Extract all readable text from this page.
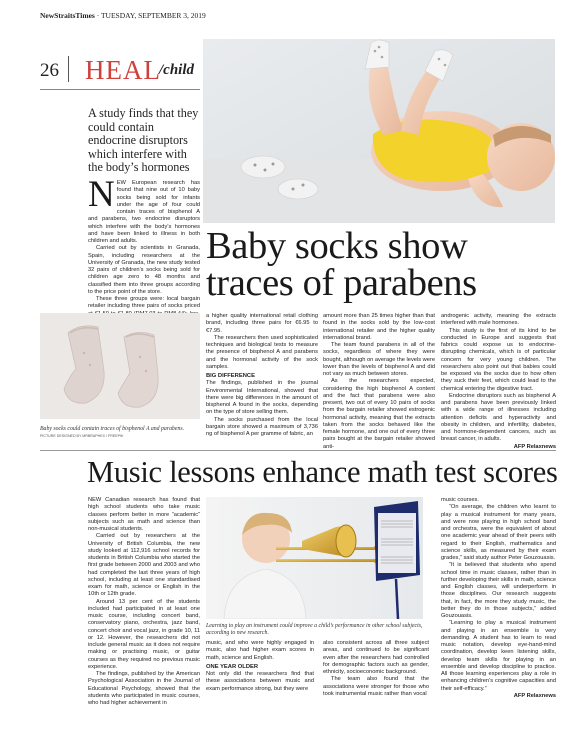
NewStraitsTimes · TUESDAY, SEPTEMBER 3, 2019
26 HEAL
/child
A study finds that they could contain endocrine disruptors which interfere with the body’s hormones
N EW European research has found that nine out of 10 baby socks being sold for infants under the age of four could contain traces of bisphenol A and parabens, two endocrine disruptors which interfere with the body’s hormones and have been linked to illness in both children and adults.

Carried out by scientists in Granada, Spain, including researchers at the University of Granada, the new study tested 32 pairs of children’s socks being sold for children age zero to 48 months and classified them into three groups according to the price point of the store.

These three groups were: local bargain retailer including three pairs of socks priced

Baby socks show
traces of parabens
Baby socks could contain traces of bisphenol A and parabens.
PICTURE DESIGNED BY MRBRAPHEX / FREEPIK

a higher quality international retail clothing brand, including three pairs for €6.95 to €7.95.

The researchers then used sophisticated techniques and biological tests to measure the presence of bisphenol A and parabens and the hormonal activity of the sock samples.

BIG DIFFERENCE

The findings, published in the journal Environmental International, showed that there were big differences in the amount of bisphenol A found in the socks, depending on the type of store selling them.

The socks purchased from the local bargain store showed a maximum of 3,736 ng of bisphenol A per gramme of fabric, an

amount more than 25 times higher than that found in the socks sold by the low-cost international retailer and the higher quality international brand.

The team found parabens in all of the socks, regardless of where they were bought, although on average the levels were lower than the levels of bisphenol A and did not vary as much between stores.

As the researchers expected, considering the high bisphenol A content and the fact that parabens were also present, two out of every 10 pairs of socks from the bargain retailer showed estrogenic hormonal activity, meaning that the extracts taken from the socks behaved like the female hormone, and one out of every three pairs bought at the bargain retailer showed anti-

androgenic activity, meaning the extracts interfered with male hormones.

This study is the first of its kind to be conducted in Europe and suggests that fabrics could expose us to endocrine-disrupting chemicals, which is of particular concern for very young children. The researchers also point out that babies could be exposed via the socks due to how often they suck their feet, which could lead to the chemical entering the digestive tract.

Endocrine disruptors such as bisphenol A and parabens have been previously linked with a wide range of illnesses including attention deficits and hyperactivity and obesity in children, and infertility, diabetes, and hormone-dependent cancers, such as breast cancer, in adults.

AFP Relaxnews
Music lessons enhance math test scores

NEW Canadian research has found that high school students who take music classes perform better in more “academic” subjects such as math and science than non-musical students.

Carried out by researchers at the University of British Columbia, the new study looked at 112,916 school records for students in British Columbia who started the first grade between 2000 and 2003 and who had completed the last three years of high school, including at least one standardised exam for math, science or English in the 10th or 12th grade.

Around 13 per cent of the students included had participated in at least one music course, including concert band, conservatory piano, orchestra, jazz band, concert choir and vocal jazz, in grade 10, 11 or 12. However, the researchers did not include general music as it does not require making or practising music, or guitar courses as they required no previous music experience.

The findings, published by the American Psychological Association in the Journal of Educational Psychology, showed that the students who participated in music courses, who had higher achievement in

Learning to play an instrument could improve a child’s performance in other school subjects, according to new research.

music, and who were highly engaged in music, also had higher exam scores in math, science and English.

ONE YEAR OLDER

Not only did the researchers find that these associations between music and exam performance strong, but they were

also consistent across all three subject areas, and continued to be significant even after the researchers had controlled for demographic factors such as gender, ethnicity, socioeconomic background.

The team also found that the associations were stronger for those who took instrumental music rather than vocal

music courses.

“On average, the children who learnt to play a musical instrument for many years, and were now playing in high school band and orchestra, were the equivalent of about one academic year ahead of their peers with regard to their English, mathematics and science skills, as measured by their exam grades,” said study author Peter Gouzouasis.

“It is believed that students who spend school time in music classes, rather than in further developing their skills in math, science and English classes, will underperform in those disciplines. Our research suggests that, in fact, the more they study music, the better they do in those subjects,” added Gouzouasis.

“Learning to play a musical instrument and playing in an ensemble is very demanding. A student has to learn to read music notation, develop eye-hand-mind coordination, develop keen listening skills, develop team skills for playing in an ensemble and develop discipline to practice. All those learning experiences play a role in enhancing children’s cognitive capacities and their self-efficacy.”

AFP Relaxnews
